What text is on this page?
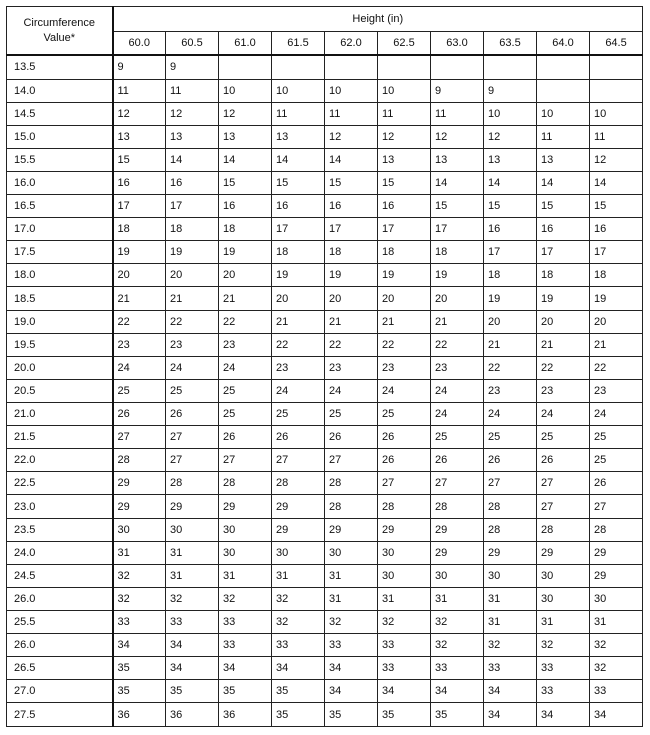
Circumference
Value*	Height (in)									
	60.0	60.5	61.0	61.5	62.0	62.5	63.0	63.5	64.0	64.5
13.5	9	9								
14.0	11	11	10	10	10	10	9	9		
14.5	12	12	12	11	11	11	11	10	10	10
15.0	13	13	13	13	12	12	12	12	11	11
15.5	15	14	14	14	14	13	13	13	13	12
16.0	16	16	15	15	15	15	14	14	14	14
16.5	17	17	16	16	16	16	15	15	15	15
17.0	18	18	18	17	17	17	17	16	16	16
17.5	19	19	19	18	18	18	18	17	17	17
18.0	20	20	20	19	19	19	19	18	18	18
18.5	21	21	21	20	20	20	20	19	19	19
19.0	22	22	22	21	21	21	21	20	20	20
19.5	23	23	23	22	22	22	22	21	21	21
20.0	24	24	24	23	23	23	23	22	22	22
20.5	25	25	25	24	24	24	24	23	23	23
21.0	26	26	25	25	25	25	24	24	24	24
21.5	27	27	26	26	26	26	25	25	25	25
22.0	28	27	27	27	27	26	26	26	26	25
22.5	29	28	28	28	28	27	27	27	27	26
23.0	29	29	29	29	28	28	28	28	27	27
23.5	30	30	30	29	29	29	29	28	28	28
24.0	31	31	30	30	30	30	29	29	29	29
24.5	32	31	31	31	31	30	30	30	30	29
26.0	32	32	32	32	31	31	31	31	30	30
25.5	33	33	33	32	32	32	32	31	31	31
26.0	34	34	33	33	33	33	32	32	32	32
26.5	35	34	34	34	34	33	33	33	33	32
27.0	35	35	35	35	34	34	34	34	33	33
27.5	36	36	36	35	35	35	35	34	34	34
